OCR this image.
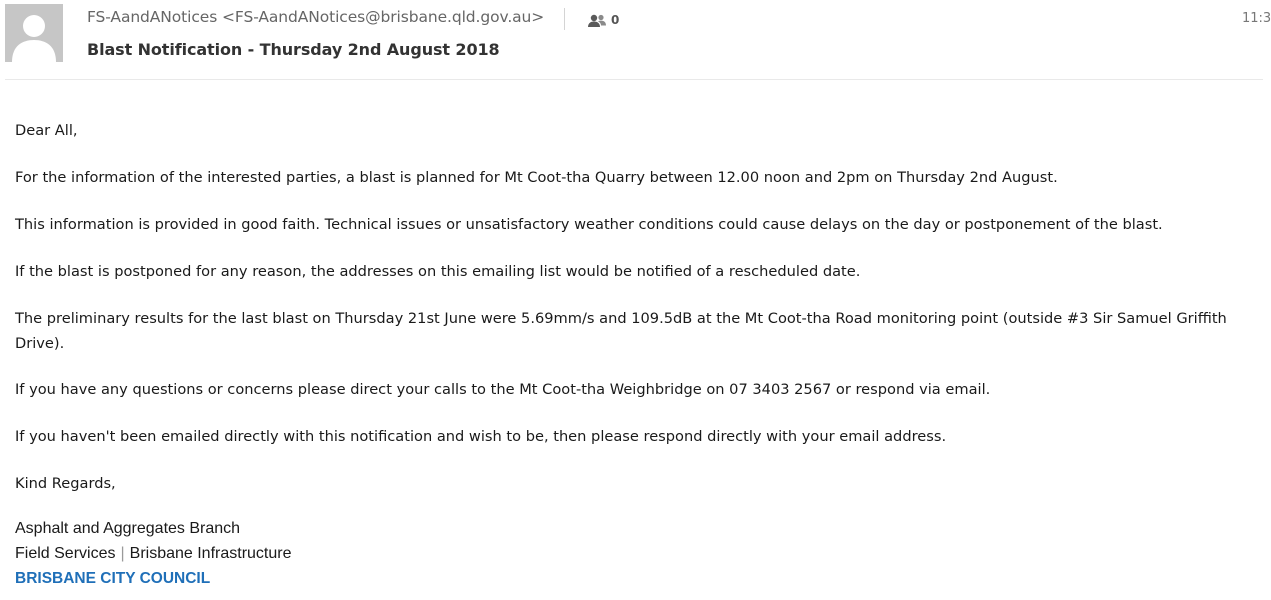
FS-AandANotices <FS-AandANotices@brisbane.qld.gov.au>
Blast Notification - Thursday 2nd August 2018
0	11:3

Dear All,

For the information of the interested parties, a blast is planned for Mt Coot-tha Quarry between 12.00 noon and 2pm on Thursday 2nd August.

This information is provided in good faith. Technical issues or unsatisfactory weather conditions could cause delays on the day or postponement of the blast.

If the blast is postponed for any reason, the addresses on this emailing list would be notified of a rescheduled date.

The preliminary results for the last blast on Thursday 21st June were 5.69mm/s and 109.5dB at the Mt Coot-tha Road monitoring point (outside #3 Sir Samuel Griffith Drive).

If you have any questions or concerns please direct your calls to the Mt Coot-tha Weighbridge on 07 3403 2567 or respond via email.

If you haven't been emailed directly with this notification and wish to be, then please respond directly with your email address.

Kind Regards,

Asphalt and Aggregates Branch
Field Services | Brisbane Infrastructure
BRISBANE CITY COUNCIL
